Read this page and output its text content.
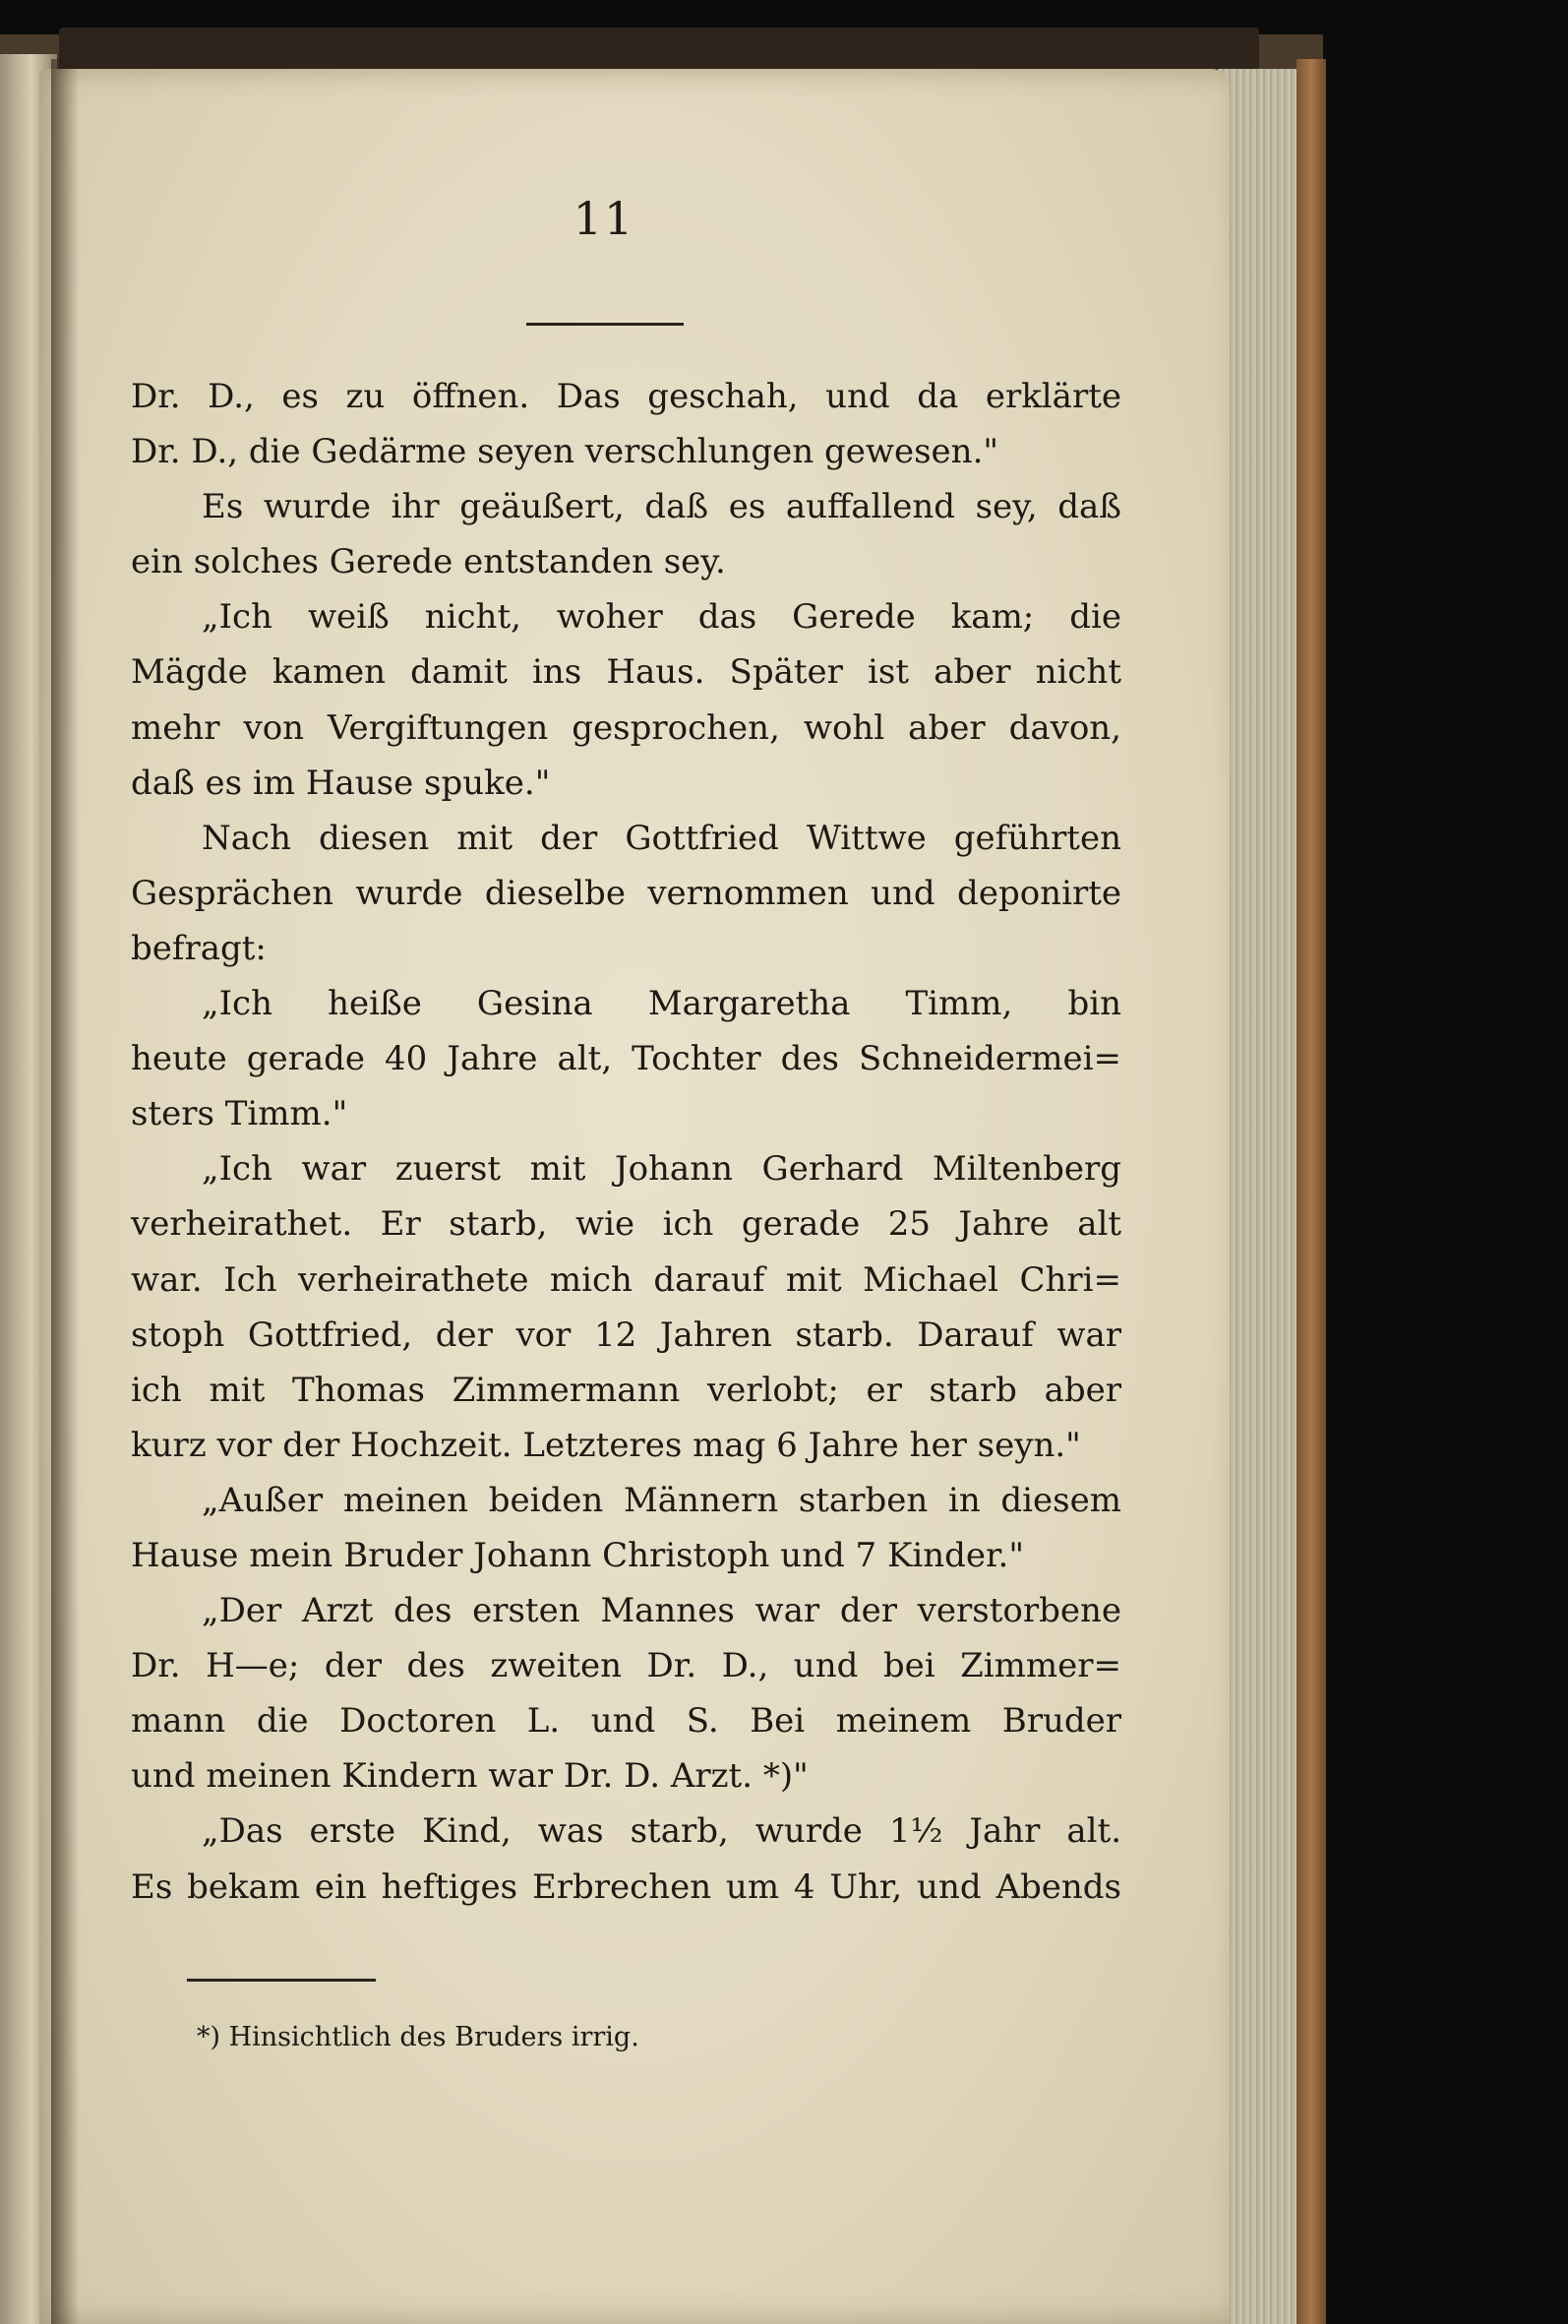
11
Dr. D., es zu öffnen. Das geschah, und da erklärte
Dr. D., die Gedärme seyen verschlungen gewesen."
Es wurde ihr geäußert, daß es auffallend sey, daß
ein solches Gerede entstanden sey.
„Ich weiß nicht, woher das Gerede kam; die
Mägde kamen damit ins Haus. Später ist aber nicht
mehr von Vergiftungen gesprochen, wohl aber davon,
daß es im Hause spuke."
Nach diesen mit der Gottfried Wittwe geführten
Gesprächen wurde dieselbe vernommen und deponirte
befragt:
„Ich heiße Gesina Margaretha Timm, bin
heute gerade 40 Jahre alt, Tochter des Schneidermei=
sters Timm."
„Ich war zuerst mit Johann Gerhard Miltenberg
verheirathet. Er starb, wie ich gerade 25 Jahre alt
war. Ich verheirathete mich darauf mit Michael Chri=
stoph Gottfried, der vor 12 Jahren starb. Darauf war
ich mit Thomas Zimmermann verlobt; er starb aber
kurz vor der Hochzeit. Letzteres mag 6 Jahre her seyn."
„Außer meinen beiden Männern starben in diesem
Hause mein Bruder Johann Christoph und 7 Kinder."
„Der Arzt des ersten Mannes war der verstorbene
Dr. H—e; der des zweiten Dr. D., und bei Zimmer=
mann die Doctoren L. und S. Bei meinem Bruder
und meinen Kindern war Dr. D. Arzt. *)"
„Das erste Kind, was starb, wurde 1½ Jahr alt.
Es bekam ein heftiges Erbrechen um 4 Uhr, und Abends
*) Hinsichtlich des Bruders irrig.
